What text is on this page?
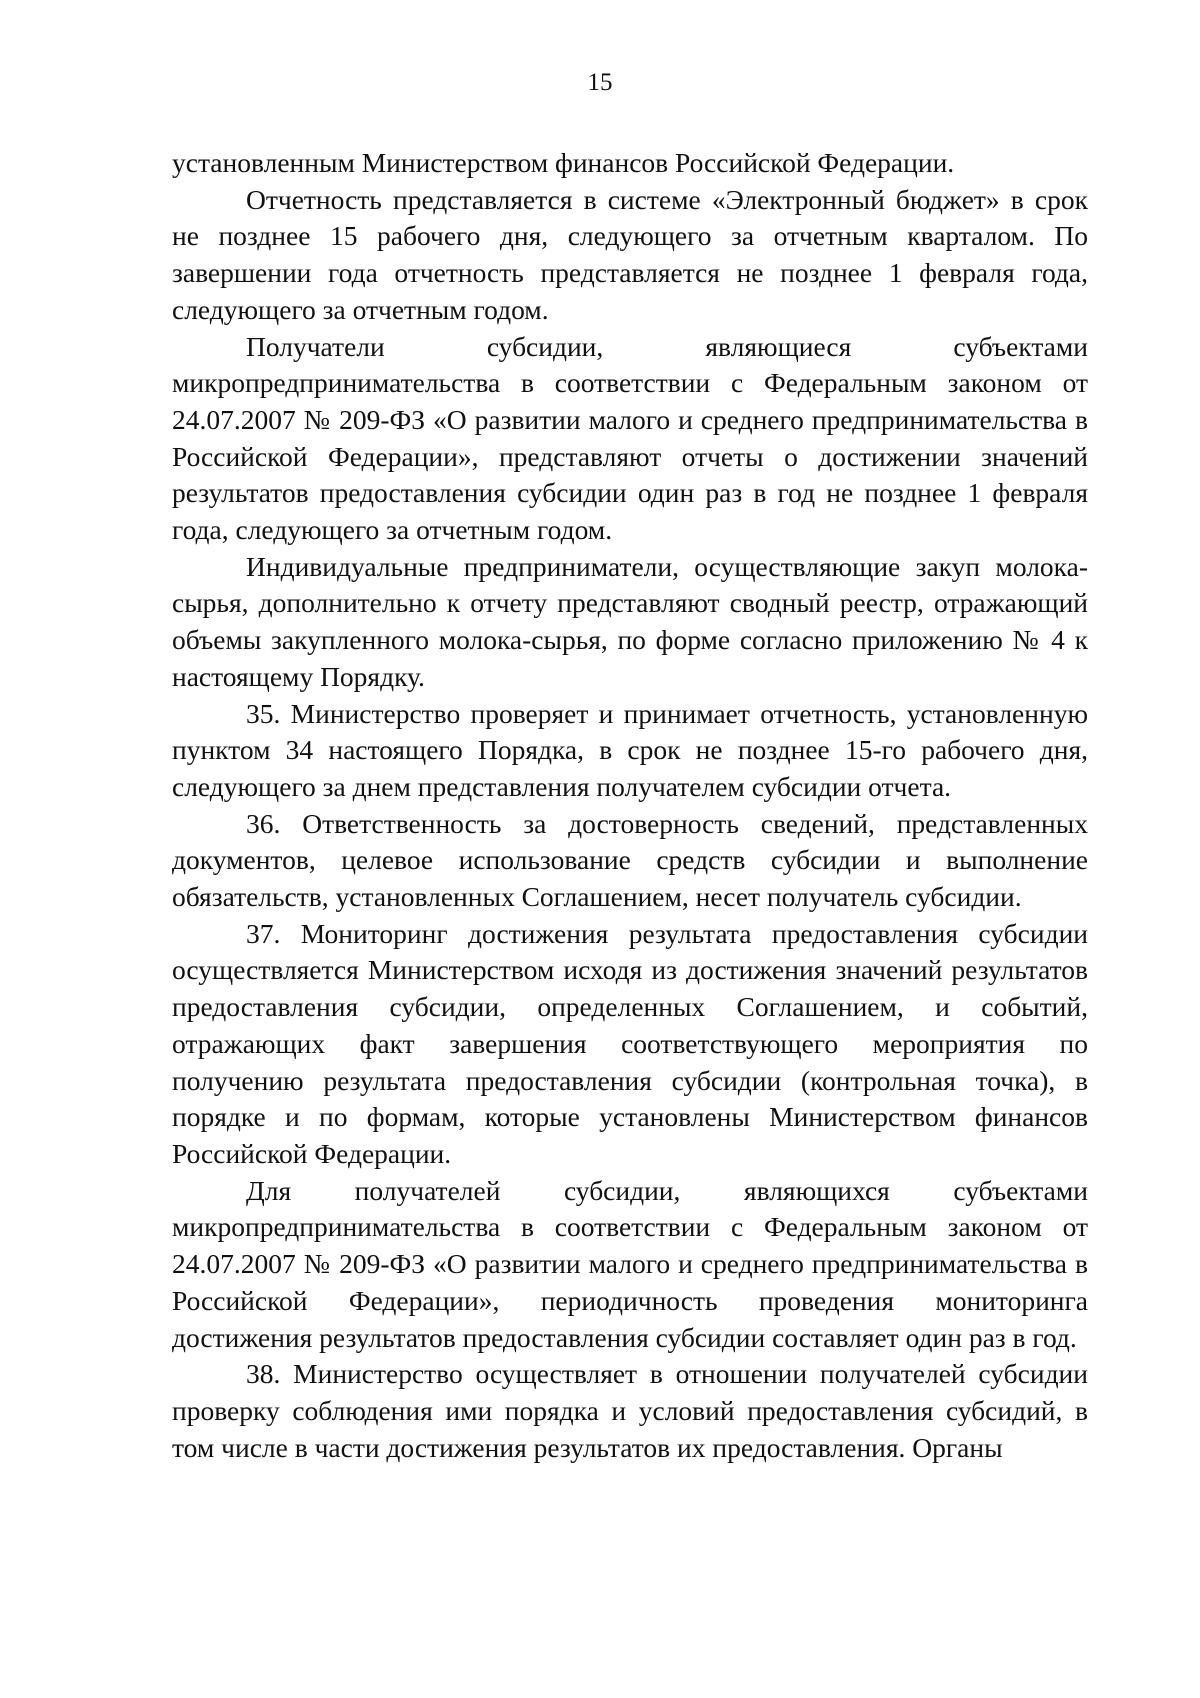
15

установленным Министерством финансов Российской Федерации.

Отчетность представляется в системе «Электронный бюджет» в срок не позднее 15 рабочего дня, следующего за отчетным кварталом. По завершении года отчетность представляется не позднее 1 февраля года, следующего за отчетным годом.

Получатели субсидии, являющиеся субъектами микропредпринимательства в соответствии с Федеральным законом от 24.07.2007 № 209-ФЗ «О развитии малого и среднего предпринимательства в Российской Федерации», представляют отчеты о достижении значений результатов предоставления субсидии один раз в год не позднее 1 февраля года, следующего за отчетным годом.

Индивидуальные предприниматели, осуществляющие закуп молока-сырья, дополнительно к отчету представляют сводный реестр, отражающий объемы закупленного молока-сырья, по форме согласно приложению № 4 к настоящему Порядку.

35. Министерство проверяет и принимает отчетность, установленную пунктом 34 настоящего Порядка, в срок не позднее 15-го рабочего дня, следующего за днем представления получателем субсидии отчета.

36. Ответственность за достоверность сведений, представленных документов, целевое использование средств субсидии и выполнение обязательств, установленных Соглашением, несет получатель субсидии.

37. Мониторинг достижения результата предоставления субсидии осуществляется Министерством исходя из достижения значений результатов предоставления субсидии, определенных Соглашением, и событий, отражающих факт завершения соответствующего мероприятия по получению результата предоставления субсидии (контрольная точка), в порядке и по формам, которые установлены Министерством финансов Российской Федерации.

Для получателей субсидии, являющихся субъектами микропредпринимательства в соответствии с Федеральным законом от 24.07.2007 № 209-ФЗ «О развитии малого и среднего предпринимательства в Российской Федерации», периодичность проведения мониторинга достижения результатов предоставления субсидии составляет один раз в год.

38. Министерство осуществляет в отношении получателей субсидии проверку соблюдения ими порядка и условий предоставления субсидий, в том числе в части достижения результатов их предоставления. Органы
